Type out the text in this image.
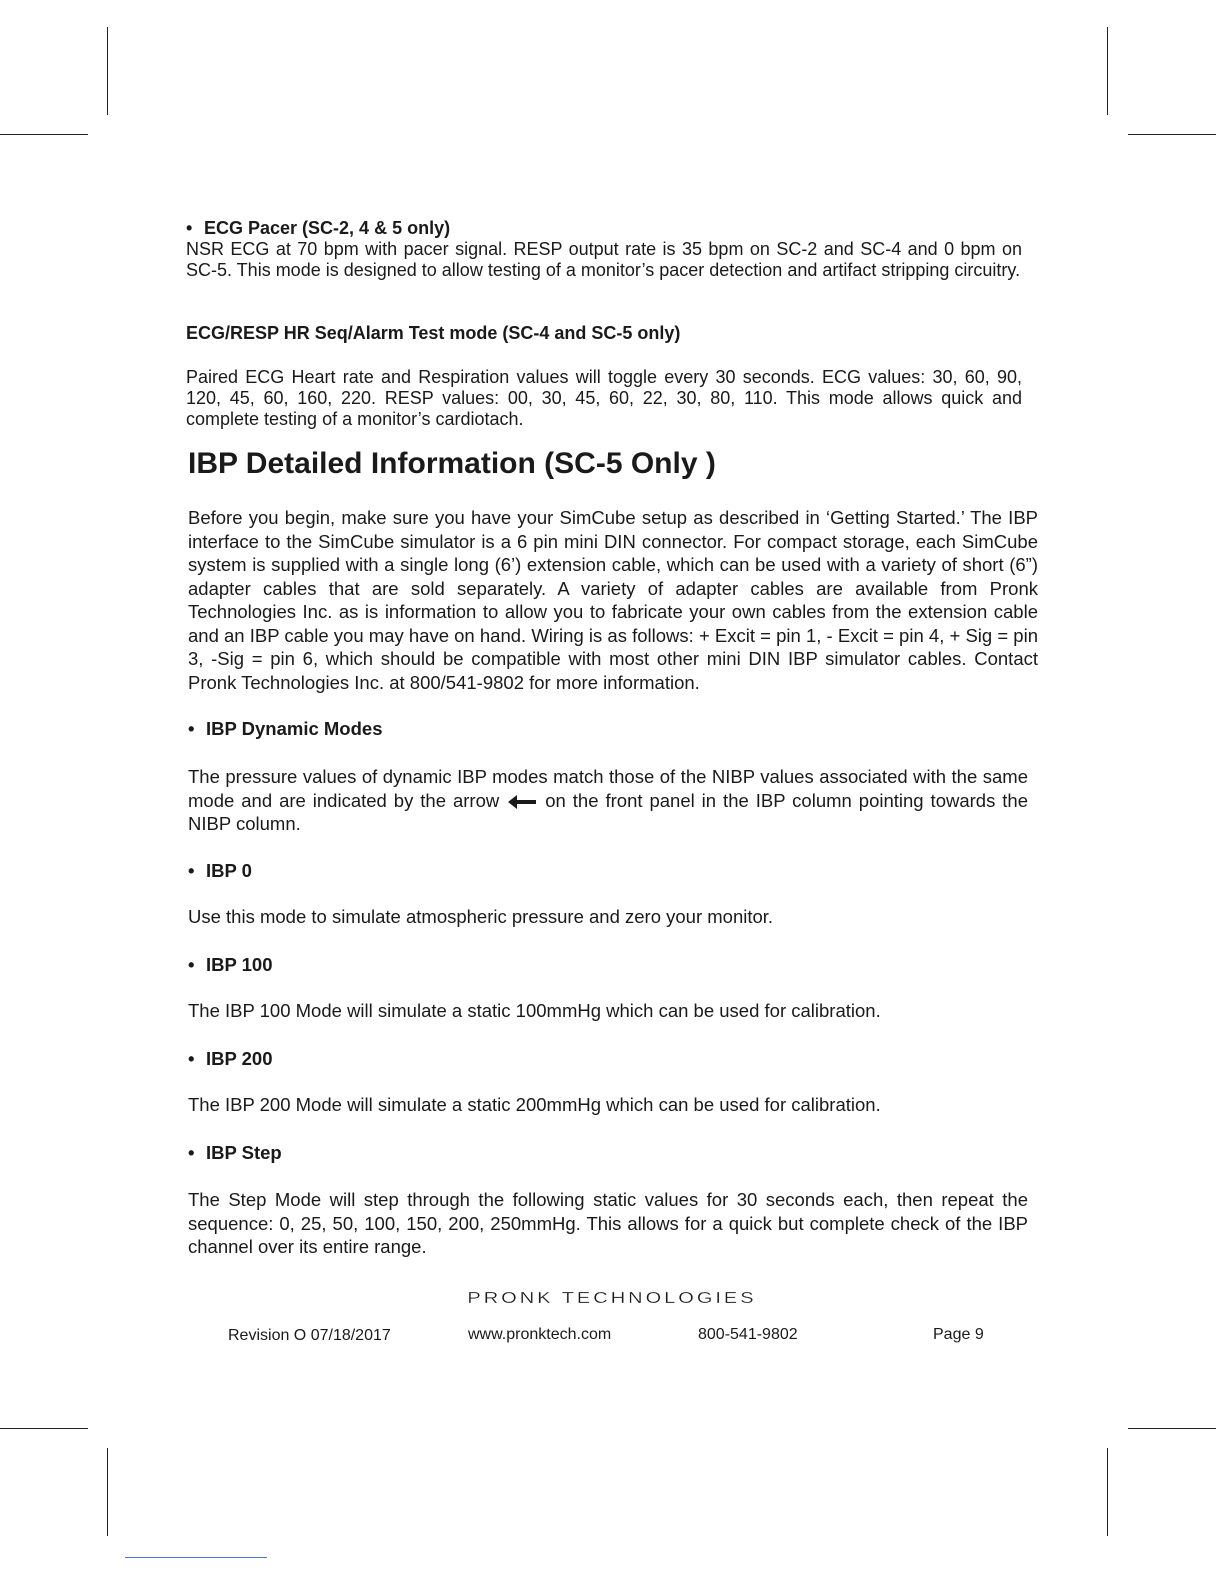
• ECG Pacer (SC-2, 4 & 5 only)
NSR ECG at 70 bpm with pacer signal. RESP output rate is 35 bpm on SC-2 and SC-4 and 0 bpm on SC-5. This mode is designed to allow testing of a monitor’s pacer detection and artifact stripping circuitry.
ECG/RESP HR Seq/Alarm Test mode (SC-4 and SC-5 only)
Paired ECG Heart rate and Respiration values will toggle every 30 seconds. ECG values: 30, 60, 90, 120, 45, 60, 160, 220. RESP values: 00, 30, 45, 60, 22, 30, 80, 110. This mode allows quick and complete testing of a monitor’s cardiotach.
IBP Detailed Information (SC-5 Only )
Before you begin, make sure you have your SimCube setup as described in ‘Getting Started.’ The IBP interface to the SimCube simulator is a 6 pin mini DIN connector. For compact storage, each SimCube system is supplied with a single long (6’) extension cable, which can be used with a variety of short (6”) adapter cables that are sold separately. A variety of adapter cables are available from Pronk Technologies Inc. as is information to allow you to fabricate your own cables from the extension cable and an IBP cable you may have on hand. Wiring is as follows: + Excit = pin 1, - Excit = pin 4, + Sig = pin 3, -Sig = pin 6, which should be compatible with most other mini DIN IBP simulator cables. Contact Pronk Technologies Inc. at 800/541-9802 for more information.
• IBP Dynamic Modes
The pressure values of dynamic IBP modes match those of the NIBP values associated with the same mode and are indicated by the arrow on the front panel in the IBP column pointing towards the NIBP column.
• IBP 0
Use this mode to simulate atmospheric pressure and zero your monitor.
• IBP 100
The IBP 100 Mode will simulate a static 100mmHg which can be used for calibration.
• IBP 200
The IBP 200 Mode will simulate a static 200mmHg which can be used for calibration.
• IBP Step
The Step Mode will step through the following static values for 30 seconds each, then repeat the sequence: 0, 25, 50, 100, 150, 200, 250mmHg. This allows for a quick but complete check of the IBP channel over its entire range.
PRONK TECHNOLOGIES
Revision O 07/18/2017	www.pronktech.com	800-541-9802	Page 9
